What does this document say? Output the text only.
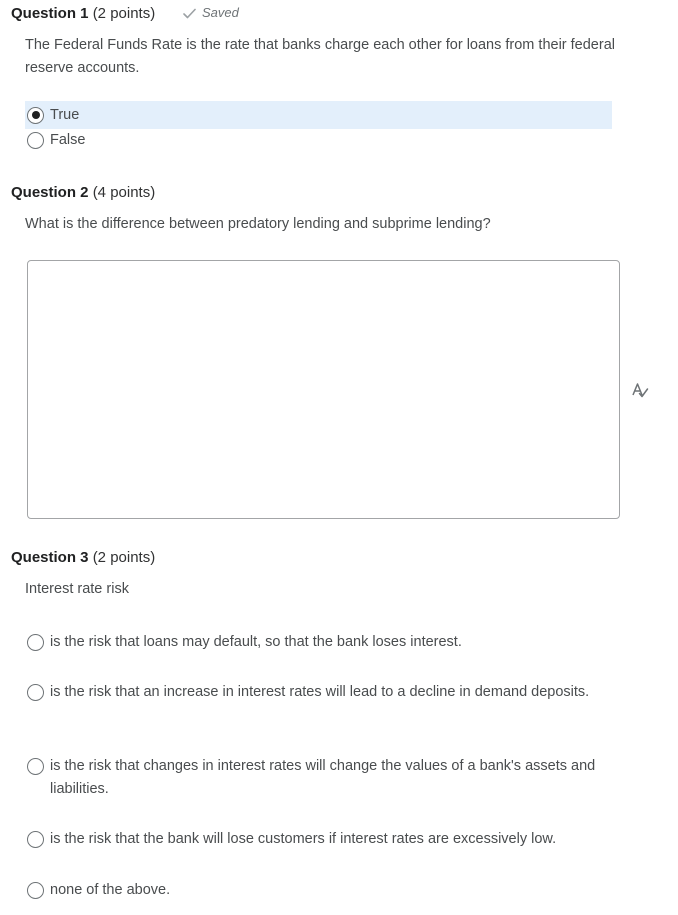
Question 1 (2 points)	Saved
The Federal Funds Rate is the rate that banks charge each other for loans from their federal reserve accounts.
True
False
Question 2 (4 points)
What is the difference between predatory lending and subprime lending?
Question 3 (2 points)
Interest rate risk
is the risk that loans may default, so that the bank loses interest.
is the risk that an increase in interest rates will lead to a decline in demand deposits.
is the risk that changes in interest rates will change the values of a bank's assets and liabilities.
is the risk that the bank will lose customers if interest rates are excessively low.
none of the above.
